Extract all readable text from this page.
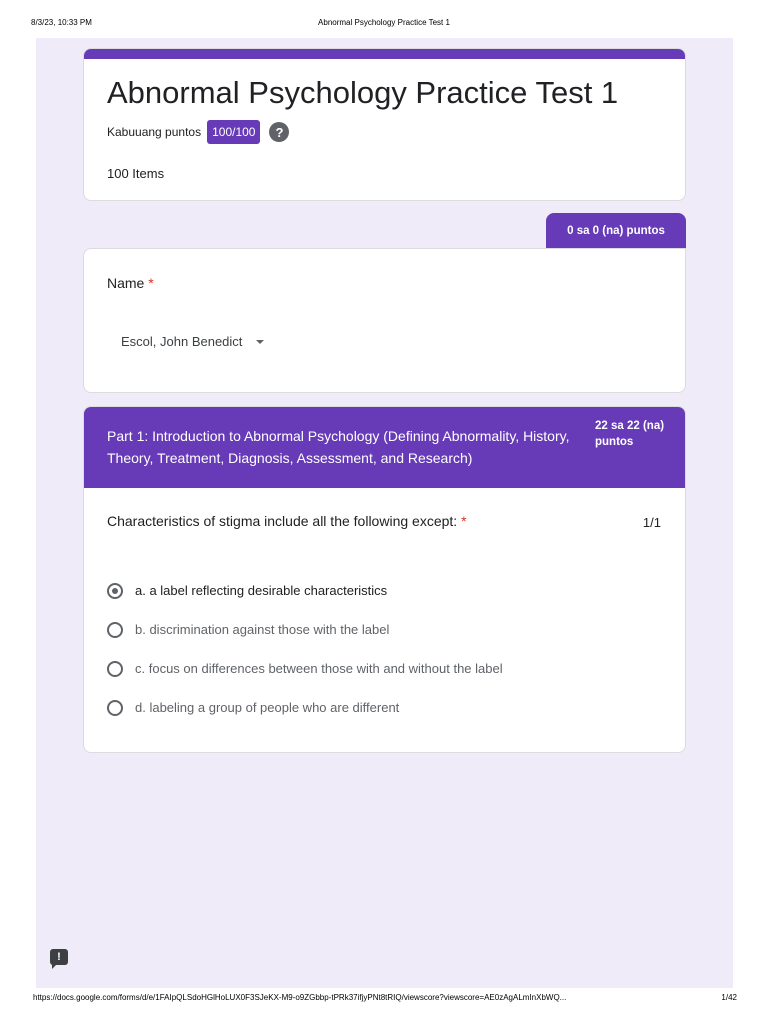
8/3/23, 10:33 PM	Abnormal Psychology Practice Test 1
Abnormal Psychology Practice Test 1
Kabuuang puntos 100/100	?
100 Items
0 sa 0 (na) puntos
Name *
Escol, John Benedict
Part 1: Introduction to Abnormal Psychology (Defining Abnormality, History, Theory, Treatment, Diagnosis, Assessment, and Research)
22 sa 22 (na) puntos
Characteristics of stigma include all the following except: *	1/1
a. a label reflecting desirable characteristics
b. discrimination against those with the label
c. focus on differences between those with and without the label
d. labeling a group of people who are different
!
https://docs.google.com/forms/d/e/1FAIpQLSdoHGlHoLUX0F3SJeKX-M9-o9ZGbbp-tPRk37ifjyPNt8tRIQ/viewscore?viewscore=AE0zAgALmInXbWQ...	1/42
